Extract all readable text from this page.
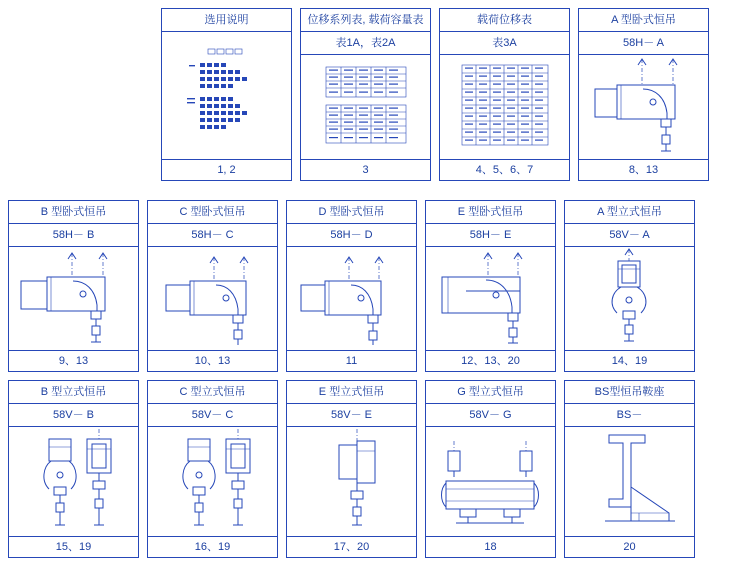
选用说明
1, 2
位移系列表, 载荷容量表
表1A，表2A
3
载荷位移表
表3A
4、5、6、7
A 型卧式恒吊
58H－ A
8、13
B 型卧式恒吊
58H－ B
9、13
C 型卧式恒吊
58H－ C
10、13
D 型卧式恒吊
58H－ D
11
E 型卧式恒吊
58H－ E
12、13、20
A 型立式恒吊
58V－ A
14、19
B 型立式恒吊
58V－ B
15、19
C 型立式恒吊
58V－ C
16、19
E 型立式恒吊
58V－ E
17、20
G 型立式恒吊
58V－ G
18
BS型恒吊鞍座
BS－
20
